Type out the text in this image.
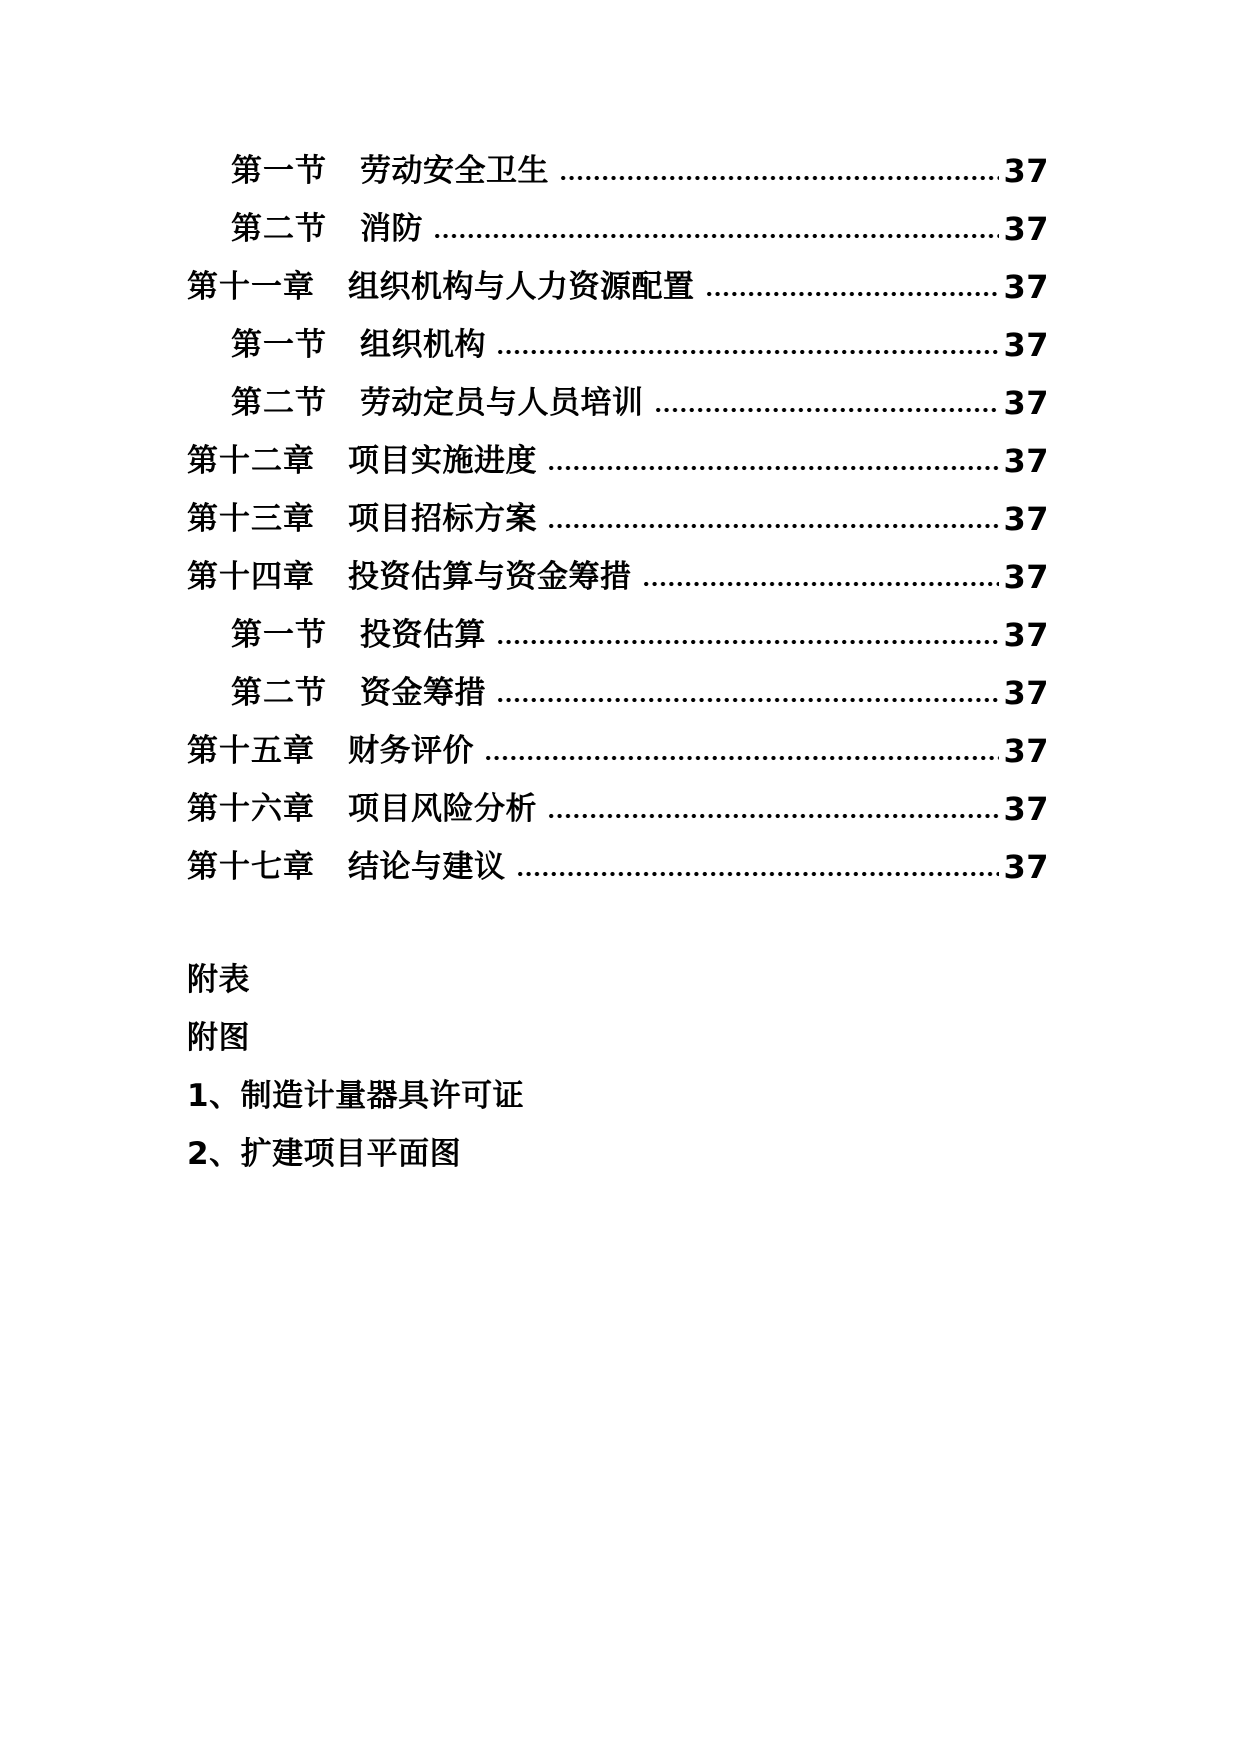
第一节 劳动安全卫生	37
第二节 消防	37
第十一章 组织机构与人力资源配置	37
第一节 组织机构	37
第二节 劳动定员与人员培训	37
第十二章 项目实施进度	37
第十三章 项目招标方案	37
第十四章 投资估算与资金筹措	37
第一节 投资估算	37
第二节 资金筹措	37
第十五章 财务评价	37
第十六章 项目风险分析	37
第十七章 结论与建议	37
附表
附图
1、制造计量器具许可证
2、扩建项目平面图
